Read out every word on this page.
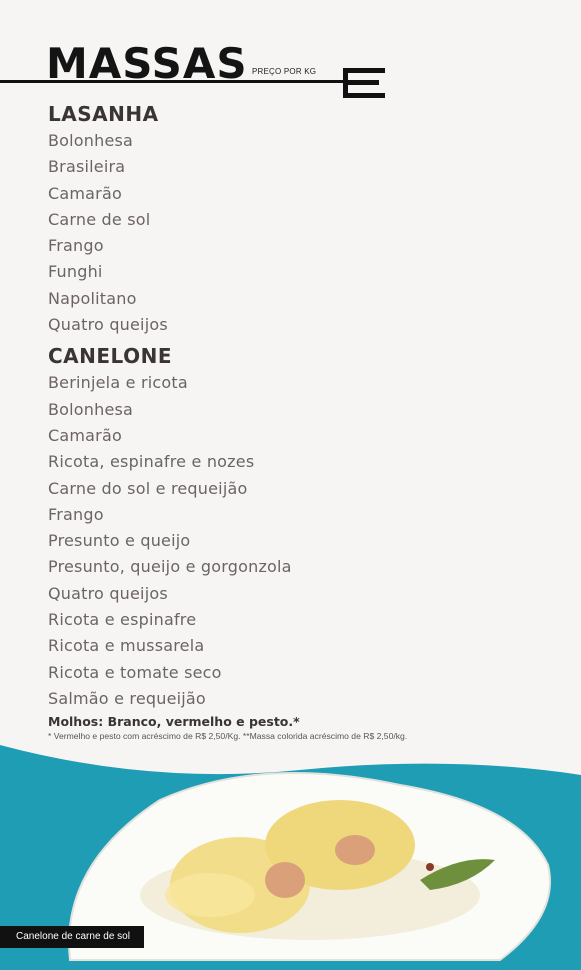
MASSAS PREÇO POR KG
LASANHA
Bolonhesa
Brasileira
Camarão
Carne de sol
Frango
Funghi
Napolitano
Quatro queijos
CANELONE
Berinjela e ricota
Bolonhesa
Camarão
Ricota, espinafre e nozes
Carne do sol e requeijão
Frango
Presunto e queijo
Presunto, queijo e gorgonzola
Quatro queijos
Ricota e espinafre
Ricota e mussarela
Ricota e tomate seco
Salmão e requeijão
Molhos: Branco, vermelho e pesto.*
* Vermelho e pesto com acréscimo de R$ 2,50/Kg. **Massa colorida acréscimo de R$ 2,50/kg.
Canelone de carne de sol
